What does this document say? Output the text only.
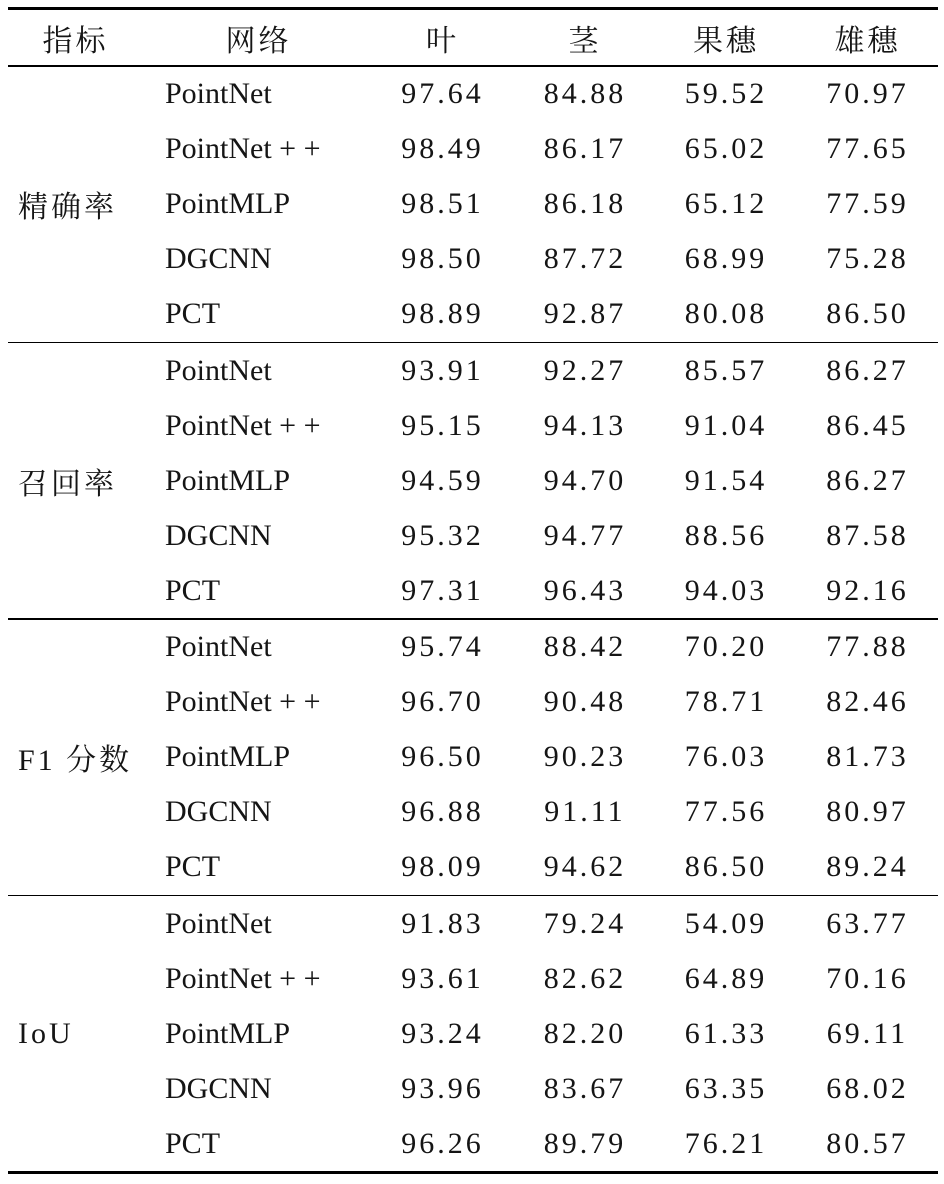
指标	网络	叶	茎	果穗	雄穗
精确率
PointNet	97.64	84.88	59.52	70.97
PointNet + +	98.49	86.17	65.02	77.65
PointMLP	98.51	86.18	65.12	77.59
DGCNN	98.50	87.72	68.99	75.28
PCT	98.89	92.87	80.08	86.50
召回率
PointNet	93.91	92.27	85.57	86.27
PointNet + +	95.15	94.13	91.04	86.45
PointMLP	94.59	94.70	91.54	86.27
DGCNN	95.32	94.77	88.56	87.58
PCT	97.31	96.43	94.03	92.16
F1 分数
PointNet	95.74	88.42	70.20	77.88
PointNet + +	96.70	90.48	78.71	82.46
PointMLP	96.50	90.23	76.03	81.73
DGCNN	96.88	91.11	77.56	80.97
PCT	98.09	94.62	86.50	89.24
IoU
PointNet	91.83	79.24	54.09	63.77
PointNet + +	93.61	82.62	64.89	70.16
PointMLP	93.24	82.20	61.33	69.11
DGCNN	93.96	83.67	63.35	68.02
PCT	96.26	89.79	76.21	80.57
